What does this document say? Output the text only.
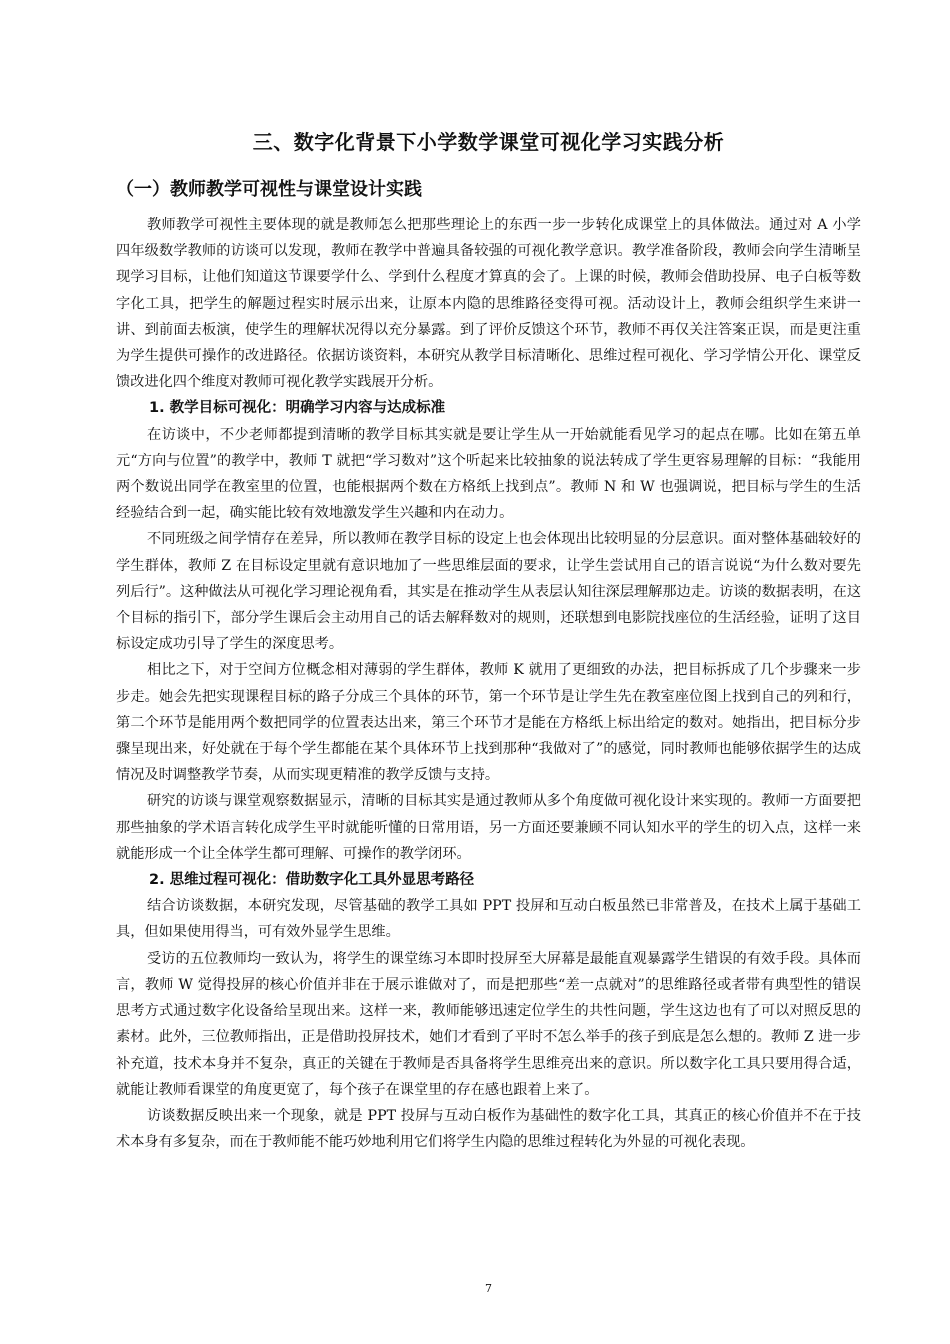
三、数字化背景下小学数学课堂可视化学习实践分析
（一）教师教学可视性与课堂设计实践

教师教学可视性主要体现的就是教师怎么把那些理论上的东西一步一步转化成课堂上的具体做法。通过对 A 小学四年级数学教师的访谈可以发现，教师在教学中普遍具备较强的可视化教学意识。教学准备阶段，教师会向学生清晰呈现学习目标，让他们知道这节课要学什么、学到什么程度才算真的会了。上课的时候，教师会借助投屏、电子白板等数字化工具，把学生的解题过程实时展示出来，让原本内隐的思维路径变得可视。活动设计上，教师会组织学生来讲一讲、到前面去板演，使学生的理解状况得以充分暴露。到了评价反馈这个环节，教师不再仅关注答案正误，而是更注重为学生提供可操作的改进路径。依据访谈资料，本研究从教学目标清晰化、思维过程可视化、学习学情公开化、课堂反馈改进化四个维度对教师可视化教学实践展开分析。

1. 教学目标可视化：明确学习内容与达成标准

在访谈中，不少老师都提到清晰的教学目标其实就是要让学生从一开始就能看见学习的起点在哪。比如在第五单元“方向与位置”的教学中，教师 T 就把“学习数对”这个听起来比较抽象的说法转成了学生更容易理解的目标：“我能用两个数说出同学在教室里的位置，也能根据两个数在方格纸上找到点”。教师 N 和 W 也强调说，把目标与学生的生活经验结合到一起，确实能比较有效地激发学生兴趣和内在动力。

不同班级之间学情存在差异，所以教师在教学目标的设定上也会体现出比较明显的分层意识。面对整体基础较好的学生群体，教师 Z 在目标设定里就有意识地加了一些思维层面的要求，让学生尝试用自己的语言说说“为什么数对要先列后行”。这种做法从可视化学习理论视角看，其实是在推动学生从表层认知往深层理解那边走。访谈的数据表明，在这个目标的指引下，部分学生课后会主动用自己的话去解释数对的规则，还联想到电影院找座位的生活经验，证明了这目标设定成功引导了学生的深度思考。

相比之下，对于空间方位概念相对薄弱的学生群体，教师 K 就用了更细致的办法，把目标拆成了几个步骤来一步步走。她会先把实现课程目标的路子分成三个具体的环节，第一个环节是让学生先在教室座位图上找到自己的列和行，第二个环节是能用两个数把同学的位置表达出来，第三个环节才是能在方格纸上标出给定的数对。她指出，把目标分步骤呈现出来，好处就在于每个学生都能在某个具体环节上找到那种“我做对了”的感觉，同时教师也能够依据学生的达成情况及时调整教学节奏，从而实现更精准的教学反馈与支持。

研究的访谈与课堂观察数据显示，清晰的目标其实是通过教师从多个角度做可视化设计来实现的。教师一方面要把那些抽象的学术语言转化成学生平时就能听懂的日常用语，另一方面还要兼顾不同认知水平的学生的切入点，这样一来就能形成一个让全体学生都可理解、可操作的教学闭环。

2. 思维过程可视化：借助数字化工具外显思考路径

结合访谈数据，本研究发现，尽管基础的教学工具如 PPT 投屏和互动白板虽然已非常普及，在技术上属于基础工具，但如果使用得当，可有效外显学生思维。

受访的五位教师均一致认为，将学生的课堂练习本即时投屏至大屏幕是最能直观暴露学生错误的有效手段。具体而言，教师 W 觉得投屏的核心价值并非在于展示谁做对了，而是把那些“差一点就对”的思维路径或者带有典型性的错误思考方式通过数字化设备给呈现出来。这样一来，教师能够迅速定位学生的共性问题，学生这边也有了可以对照反思的素材。此外，三位教师指出，正是借助投屏技术，她们才看到了平时不怎么举手的孩子到底是怎么想的。教师 Z 进一步补充道，技术本身并不复杂，真正的关键在于教师是否具备将学生思维亮出来的意识。所以数字化工具只要用得合适，就能让教师看课堂的角度更宽了，每个孩子在课堂里的存在感也跟着上来了。

访谈数据反映出来一个现象，就是 PPT 投屏与互动白板作为基础性的数字化工具，其真正的核心价值并不在于技术本身有多复杂，而在于教师能不能巧妙地利用它们将学生内隐的思维过程转化为外显的可视化表现。

7
